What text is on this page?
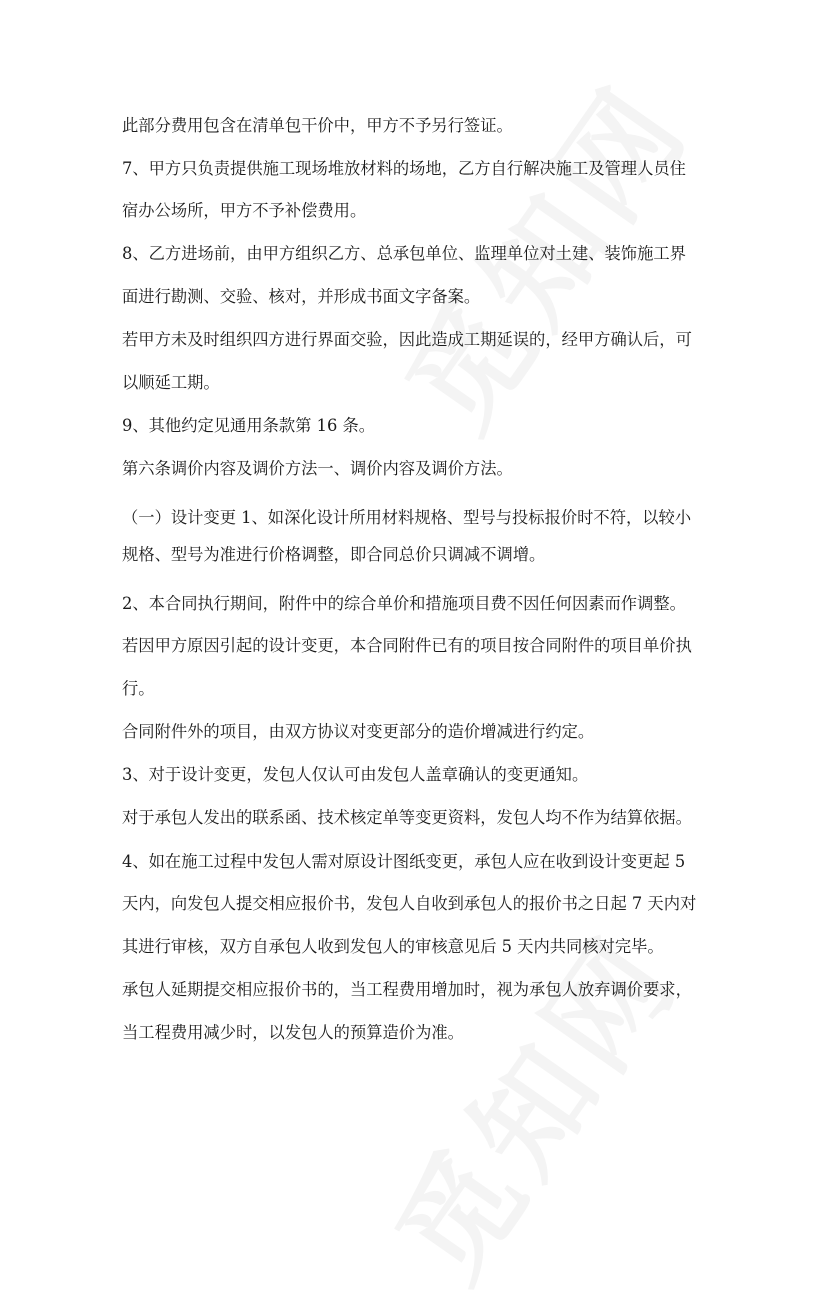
此部分费用包含在清单包干价中，甲方不予另行签证。
7、甲方只负责提供施工现场堆放材料的场地，乙方自行解决施工及管理人员住
宿办公场所，甲方不予补偿费用。
8、乙方进场前，由甲方组织乙方、总承包单位、监理单位对土建、装饰施工界
面进行勘测、交验、核对，并形成书面文字备案。
若甲方未及时组织四方进行界面交验，因此造成工期延误的，经甲方确认后，可
以顺延工期。
9、其他约定见通用条款第 16 条。
第六条调价内容及调价方法一、调价内容及调价方法。
（一）设计变更 1、如深化设计所用材料规格、型号与投标报价时不符，以较小
规格、型号为准进行价格调整，即合同总价只调减不调增。
2、本合同执行期间，附件中的综合单价和措施项目费不因任何因素而作调整。
若因甲方原因引起的设计变更，本合同附件已有的项目按合同附件的项目单价执
行。
合同附件外的项目，由双方协议对变更部分的造价增减进行约定。
3、对于设计变更，发包人仅认可由发包人盖章确认的变更通知。
对于承包人发出的联系函、技术核定单等变更资料，发包人均不作为结算依据。
4、如在施工过程中发包人需对原设计图纸变更，承包人应在收到设计变更起 5
天内，向发包人提交相应报价书，发包人自收到承包人的报价书之日起 7 天内对
其进行审核，双方自承包人收到发包人的审核意见后 5 天内共同核对完毕。
承包人延期提交相应报价书的，当工程费用增加时，视为承包人放弃调价要求，
当工程费用减少时，以发包人的预算造价为准。
